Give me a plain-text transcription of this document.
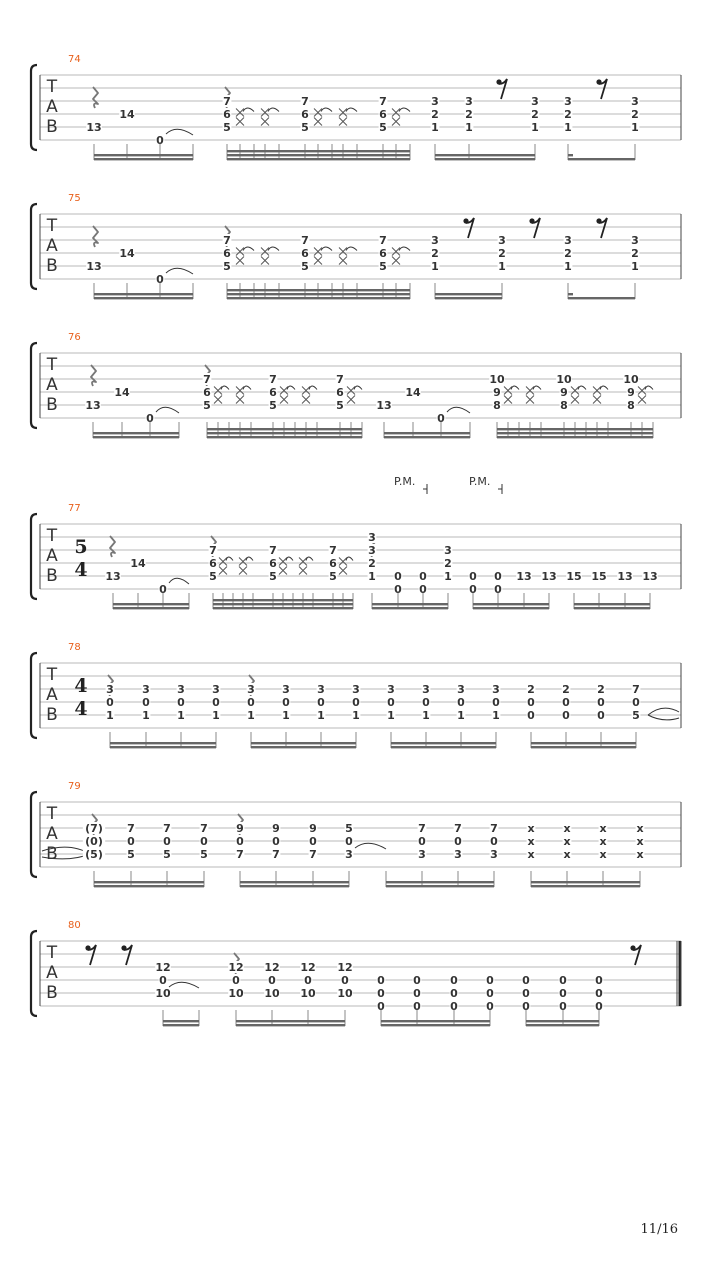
T
A
B
74
13
14
0
7
6
5
7
6
5
7
6
5
3
2
1
3
2
1
3
2
1
3
2
1
3
2
1
T
A
B
75
13
14
0
7
6
5
7
6
5
7
6
5
3
2
1
3
2
1
3
2
1
3
2
1
T
A
B
76
13
14
0
7
6
5
7
6
5
7
6
5	13
14
0
10
9
8
10
9
8
10
9
8
T
A
B
77
5
4
P.M.	P.M.
13
14
0
7
6
5
7
6
5
7
6
5
3
3
2
1 0
0
0
0
3
2
1 0
0
0
0
13 13 15 15 13 13
T
A
B
78
4
4
3
0
1
3
0
1
3
0
1
3
0
1
3
0
1
3
0
1
3
0
1
3
0
1
3
0
1
3
0
1
3
0
1
3
0
1
2
0
0
2
0
0
2
0
0
7
0
5
T
A
B
79
(7)
(0)
(5)
7
0
5
7
0
5
7
0
5
9
0
7
9
0
7
9
0
7
5
0
3
7
0
3
7
0
3
7
0
3
x
x
x
x
x
x
x
x
x
x
x
x
T
A
B
80
12
0
10
12
0
10
12
0
10
12
0
10
12
0
10
0
0
0
0
0
0
0
0
0
0
0
0
0
0
0
0
0
0
0
0
0
11/16
